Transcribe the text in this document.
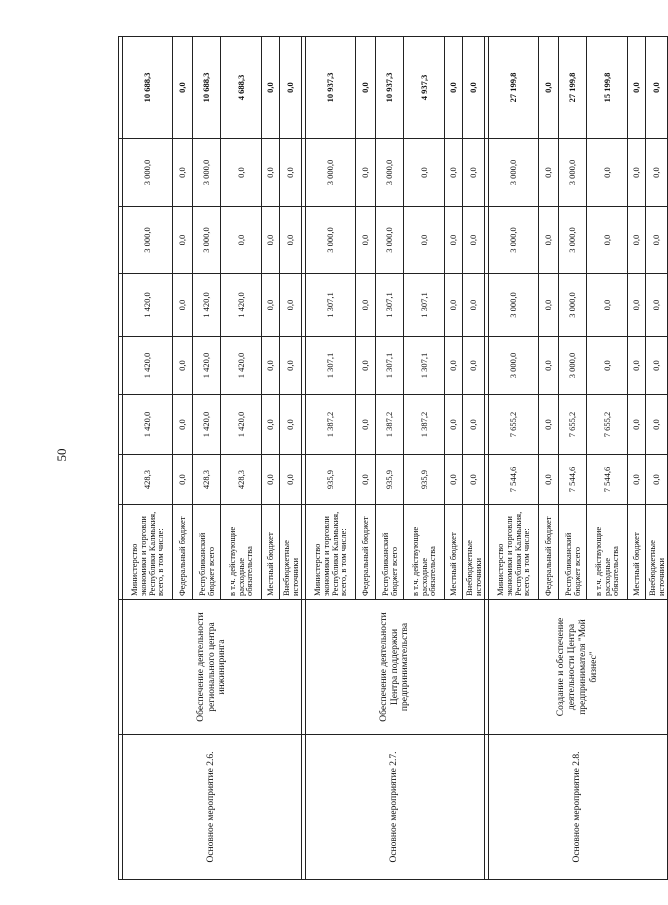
50

Основное мероприятие 2.6.	Обеспечение деятельности регионального центра инжиниринга	Министерство экономики и торговли Республики Калмыкия, всего, в том числе:	428,3	1 420,0	1 420,0	1 420,0	3 000,0	3 000,0	10 688,3
		Федеральный бюджет	0,0	0,0	0,0	0,0	0,0	0,0	0,0
		Республиканский бюджет всего	428,3	1 420,0	1 420,0	1 420,0	3 000,0	3 000,0	10 688,3
		в т.ч. действующие расходные обязательства	428,3	1 420,0	1 420,0	1 420,0	0,0	0,0	4 688,3
		Местный бюджет	0,0	0,0	0,0	0,0	0,0	0,0	0,0
		Внебюджетные источники	0,0	0,0	0,0	0,0	0,0	0,0	0,0

Основное мероприятие 2.7.	Обеспечение деятельности Центра поддержки предпринимательства	Министерство экономики и торговли Республики Калмыкия, всего, в том числе:	935,9	1 387,2	1 307,1	1 307,1	3 000,0	3 000,0	10 937,3
		Федеральный бюджет	0,0	0,0	0,0	0,0	0,0	0,0	0,0
		Республиканский бюджет всего	935,9	1 387,2	1 307,1	1 307,1	3 000,0	3 000,0	10 937,3
		в т.ч. действующие расходные обязательства	935,9	1 387,2	1 307,1	1 307,1	0,0	0,0	4 937,3
		Местный бюджет	0,0	0,0	0,0	0,0	0,0	0,0	0,0
		Внебюджетные источники	0,0	0,0	0,0	0,0	0,0	0,0	0,0

Основное мероприятие 2.8.	Создание и обеспечение деятельности Центра предпринимателя "Мой бизнес"	Министерство экономики и торговли Республики Калмыкия, всего, в том числе:	7 544,6	7 655,2	3 000,0	3 000,0	3 000,0	3 000,0	27 199,8
		Федеральный бюджет	0,0	0,0	0,0	0,0	0,0	0,0	0,0
		Республиканский бюджет всего	7 544,6	7 655,2	3 000,0	3 000,0	3 000,0	3 000,0	27 199,8
		в т.ч. действующие расходные обязательства	7 544,6	7 655,2	0,0	0,0	0,0	0,0	15 199,8
		Местный бюджет	0,0	0,0	0,0	0,0	0,0	0,0	0,0
		Внебюджетные источники	0,0	0,0	0,0	0,0	0,0	0,0	0,0
